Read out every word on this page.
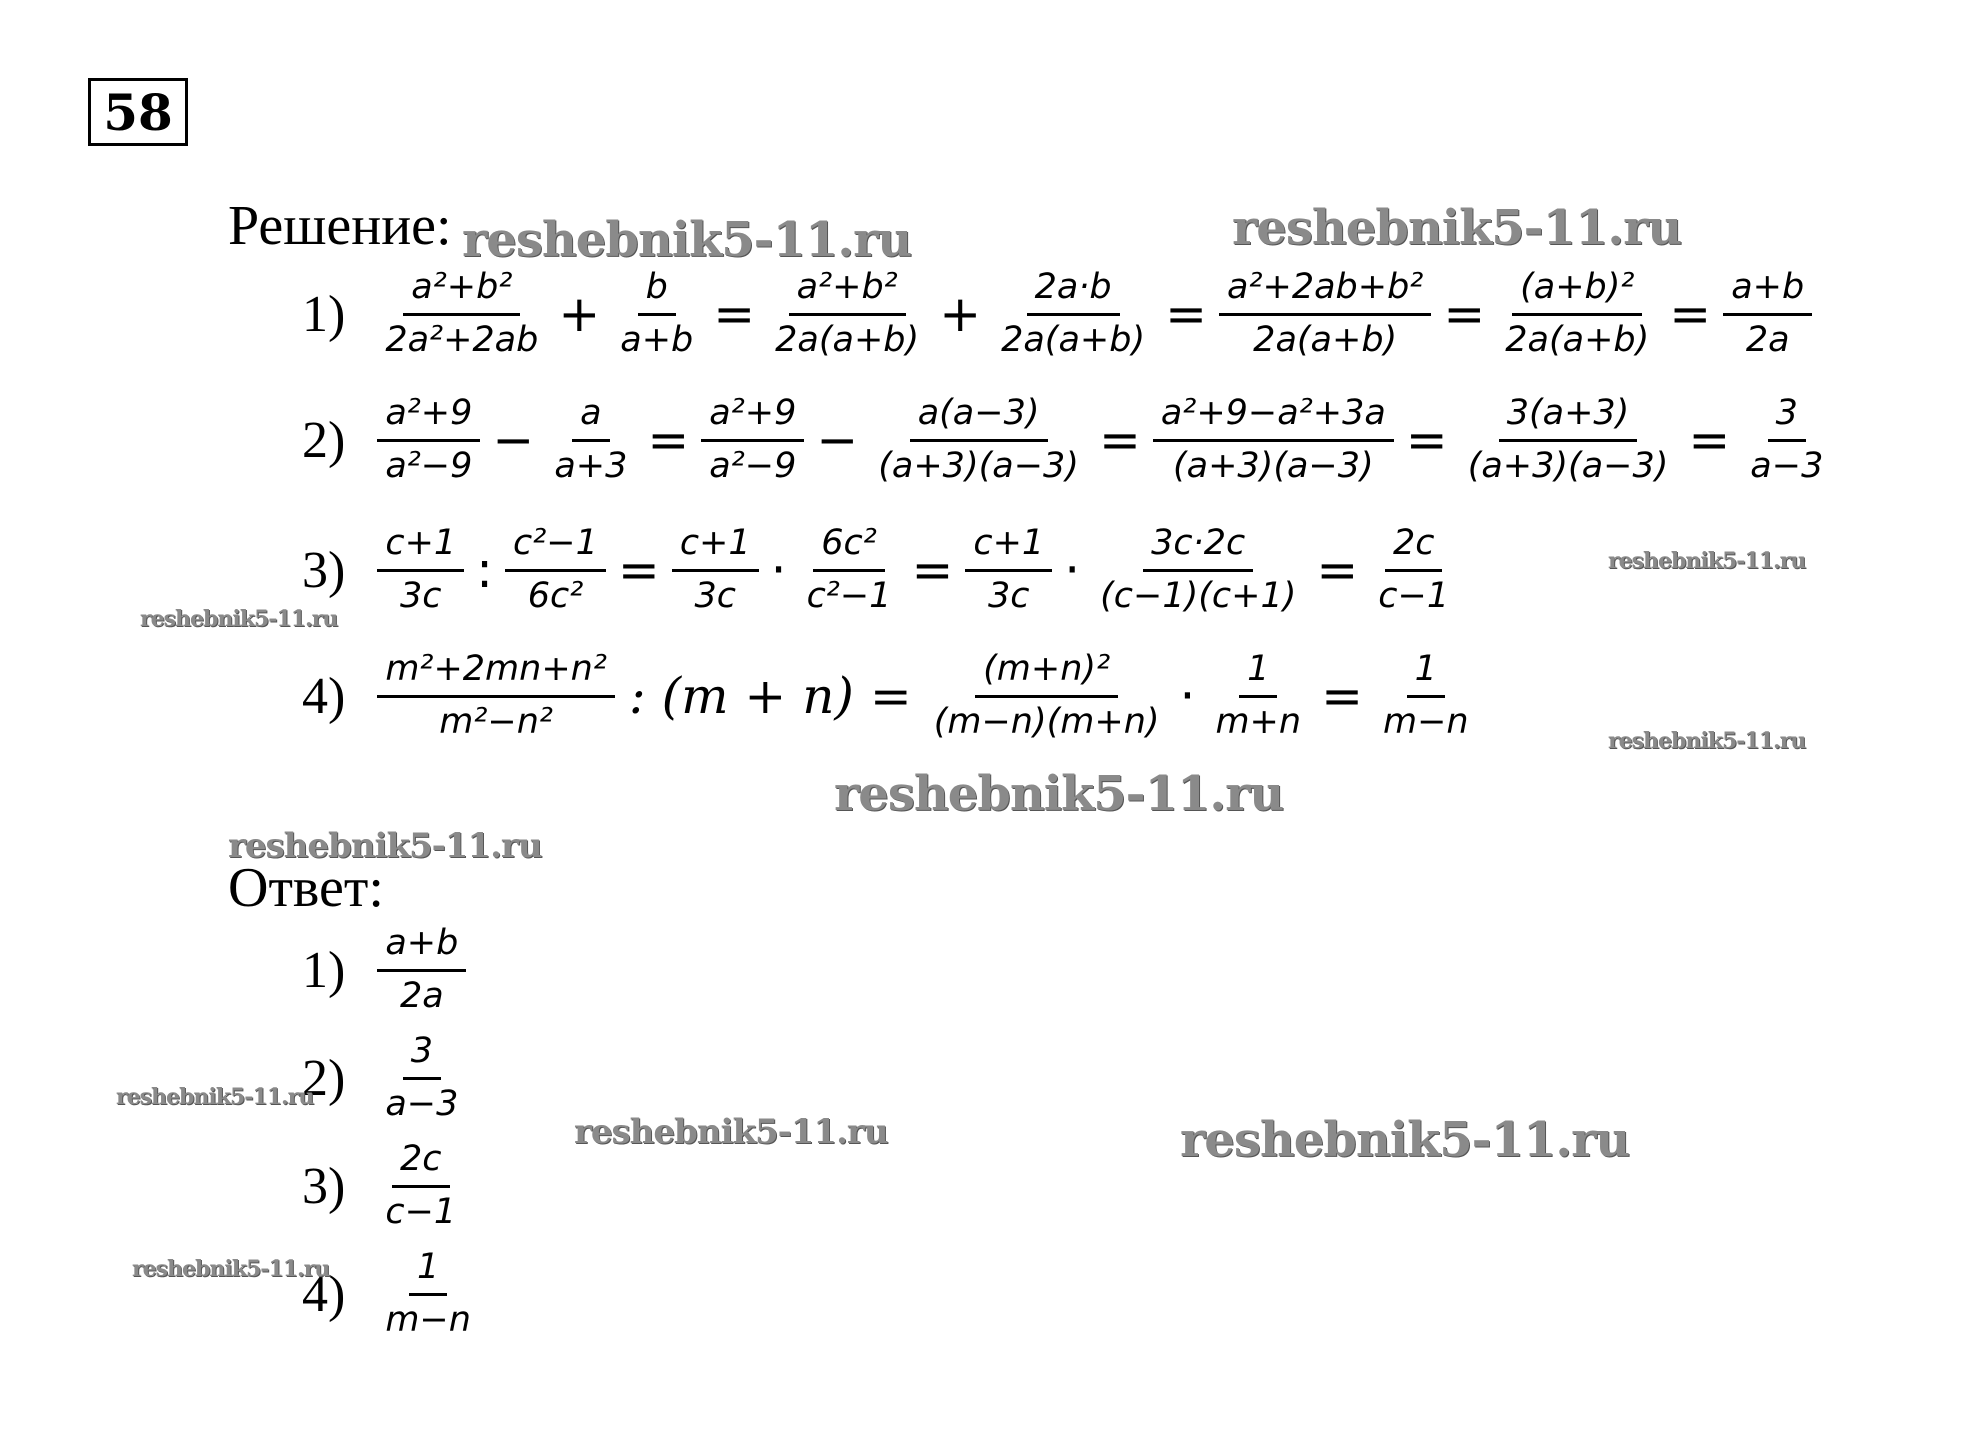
58
Решение:
$1) \frac{\text{a²+b²}}{\text{2a²+2ab}} + \frac{b}{a+b} = \frac{\text{a²+b²}}{2a(a+b)} + \frac{2a\cdot b}{2a(a+b)} = \frac{\text{a²+2ab+b²}}{2a(a+b)} = \frac{\text{(a+b)²}}{2a(a+b)} = \frac{a+b}{2a}$
$2) \frac{\text{a²+9}}{\text{a²−9}} - \frac{a}{a+3} = \frac{\text{a²+9}}{\text{a²−9}} - \frac{a(a-3)}{(a+3)(a-3)} = \frac{\text{a²+9−a²+3a}}{(a+3)(a-3)} = \frac{3(a+3)}{(a+3)(a-3)} = \frac{3}{a-3}$
$3) \frac{c+1}{3c}$ : $\frac{\text{c²−1}}{\text{6c²}} = \frac{c+1}{3c} \cdot \frac{\text{6c²}}{\text{c²−1}} = \frac{c+1}{3c} \cdot \frac{3c\cdot 2c}{(c-1)(c+1)} = \frac{2c}{c-1}$
$4) \frac{\text{m²+2mn+n²}}{\text{m²−n²}}$ : $(m + n) = \frac{\text{(m+n)²}}{(m-n)(m+n)} \cdot \frac{1}{m+n} = \frac{1}{m-n}$
Ответ:
$1) \frac{a+b}{2a}$
$2) \frac{3}{a-3}$
$3) \frac{2c}{c-1}$
$4) \frac{1}{m-n}$
reshebnik5-11.ru	reshebnik5-11.ru
reshebnik5-11.ru
reshebnik5-11.ru
reshebnik5-11.ru
reshebnik5-11.ru
reshebnik5-11.ru
reshebnik5-11.ru
reshebnik5-11.ru	reshebnik5-11.ru
reshebnik5-11.ru
